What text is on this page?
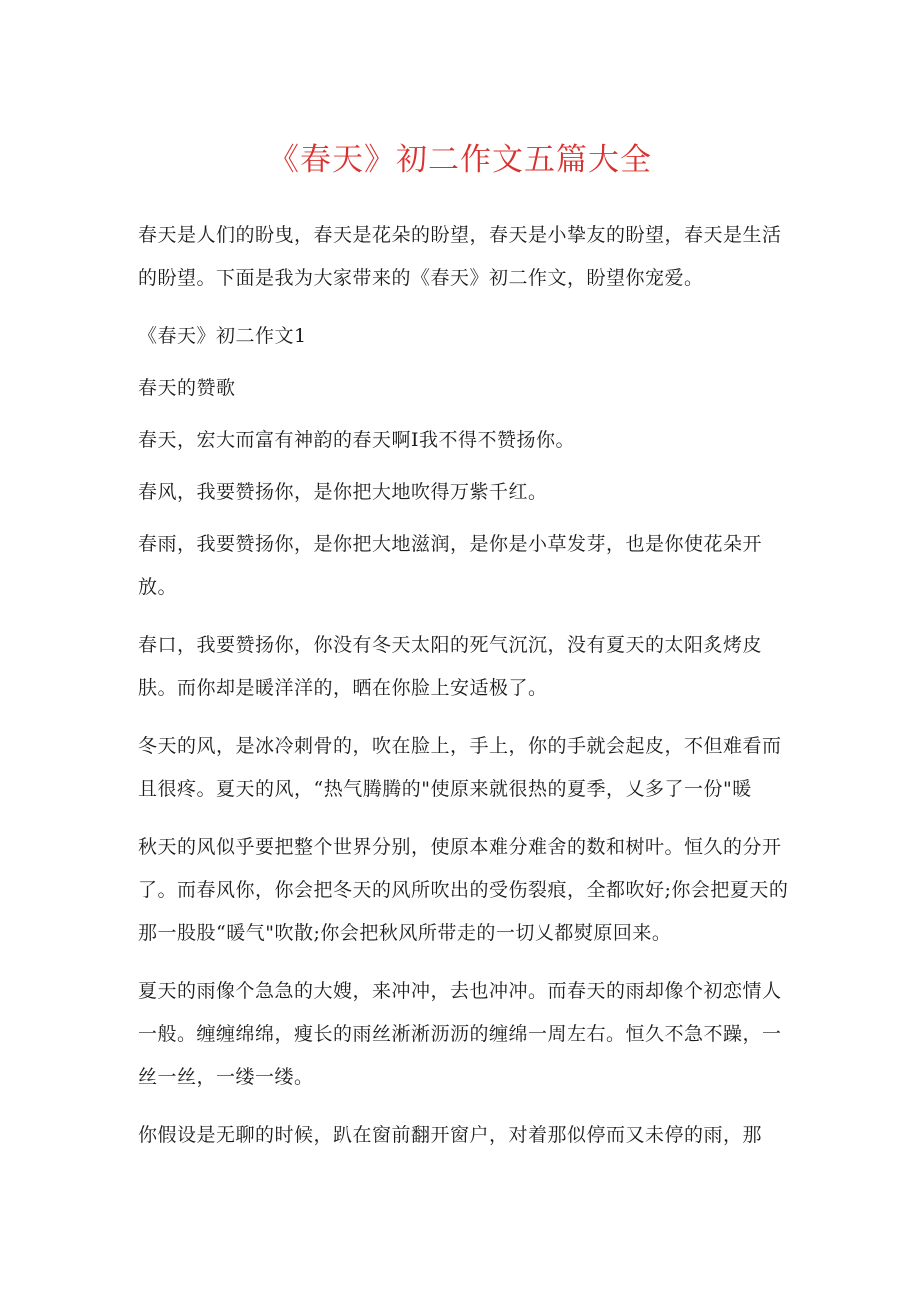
《春天》初二作文五篇大全

春天是人们的盼曳，春天是花朵的盼望，春天是小挚友的盼望，春天是生活的盼望。下面是我为大家带来的《春天》初二作文，盼望你宠爱。

《春天》初二作文1

春天的赞歌

春天，宏大而富有神韵的春天啊I我不得不赞扬你。

春风，我要赞扬你，是你把大地吹得万紫千红。

春雨，我要赞扬你，是你把大地滋润，是你是小草发芽，也是你使花朵开放。

春口，我要赞扬你，你没有冬天太阳的死气沉沉，没有夏天的太阳炙烤皮肤。而你却是暖洋洋的，晒在你脸上安适极了。

冬天的风，是冰冷刺骨的，吹在脸上，手上，你的手就会起皮，不但难看而且很疼。夏天的风，“热气腾腾的"使原来就很热的夏季，乂多了一份"暖

秋天的风似乎要把整个世界分别，使原本难分难舍的数和树叶。恒久的分开了。而春风你，你会把冬天的风所吹出的受伤裂痕，全都吹好;你会把夏天的那一股股“暖气"吹散;你会把秋风所带走的一切乂都熨原回来。

夏天的雨像个急急的大嫂，来冲冲，去也冲冲。而春天的雨却像个初恋情人一般。缠缠绵绵，瘦长的雨丝淅淅沥沥的缠绵一周左右。恒久不急不躁，一丝一丝，一缕一缕。

你假设是无聊的时候，趴在窗前翻开窗户，对着那似停而又未停的雨，那
